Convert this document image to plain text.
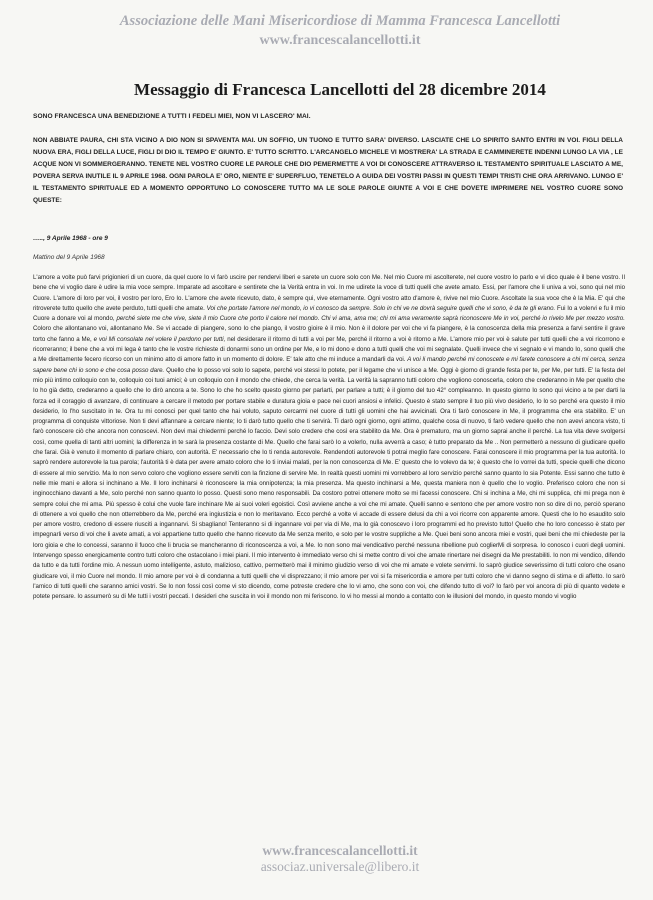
Associazione delle Mani Misericordiose di Mamma Francesca Lancellotti
www.francescalancellotti.it
Messaggio di Francesca Lancellotti del 28 dicembre 2014
SONO FRANCESCA UNA BENEDIZIONE A TUTTI I FEDELI MIEI, NON VI LASCERO' MAI.
NON ABBIATE PAURA, CHI STA VICINO A DIO NON SI SPAVENTA MAI. UN SOFFIO, UN TUONO E TUTTO SARA' DIVERSO. LASCIATE CHE LO SPIRITO SANTO ENTRI IN VOI. FIGLI DELLA NUOVA ERA, FIGLI DELLA LUCE, FIGLI DI DIO IL TEMPO E' GIUNTO. E' TUTTO SCRITTO. L'ARCANGELO MICHELE VI MOSTRERA' LA STRADA E CAMMINERETE INDENNI LUNGO LA VIA , LE ACQUE NON VI SOMMERGERANNO. TENETE NEL VOSTRO CUORE LE PAROLE CHE DIO PEMERMETTE A VOI DI CONOSCERE ATTRAVERSO IL TESTAMENTO SPIRITUALE LASCIATO A ME, POVERA SERVA INUTILE IL 9 APRILE 1968. OGNI PAROLA E' ORO, NIENTE E' SUPERFLUO, TENETELO A GUIDA DEI VOSTRI PASSI IN QUESTI TEMPI TRISTI CHE ORA ARRIVANO. LUNGO E' IL TESTAMENTO SPIRITUALE ED A MOMENTO OPPORTUNO LO CONOSCERE TUTTO MA LE SOLE PAROLE GIUNTE A VOI E CHE DOVETE IMPRIMERE NEL VOSTRO CUORE SONO QUESTE:
….., 9 Aprile 1968 - ore 9
Mattino del 9 Aprile 1968
L'amore a volte può farvi prigionieri di un cuore, da quel cuore Io vi farò uscire per rendervi liberi e sarete un cuore solo con Me. Nel mio Cuore mi ascolterete, nel cuore vostro Io parlo e vi dico quale è il bene vostro. Il bene che vi voglio dare è udire la mia voce sempre. Imparate ad ascoltare e sentirete che la Verità entra in voi. In me udirete la voce di tutti quelli che avete amato. Essi, per l'amore che li univa a voi, sono qui nel mio Cuore. L'amore di loro per voi, il vostro per loro, Ero Io. L'amore che avete ricevuto, dato, è sempre qui, vive eternamente. Ogni vostro atto d'amore è, rivive nel mio Cuore. Ascoltate la sua voce che è la Mia. E' qui che ritroverete tutto quello che avete perduto, tutti quelli che amate. Voi che portate l'amore nel mondo, io vi conosco da sempre. Solo in chi ve ne dovrà seguire quelli che vi sono, è da te gli erano. Fui Io a volervi e fu il mio Cuore a donare voi al mondo, perché siete me che vive, siete il mio Cuore che porto il calore nel mondo. Chi vi ama, ama me; chi mi ama veramente saprà riconoscere Me in voi, perché io rivelo Me per mezzo vostro. Coloro che allontanano voi, allontanano Me. Se vi accade di piangere, sono Io che piango, il vostro gioire è il mio. Non è il dolore per voi che vi fa piangere, è la conoscenza della mia presenza a farvi sentire il grave torto che fanno a Me, e voi Mi consolate nel volere il perdono per tutti, nel desiderare il ritorno di tutti a voi per Me, perché il ritorno a voi è ritorno a Me. L'amore mio per voi è salute per tutti quelli che a voi ricorrono e ricorreranno; il bene che a voi mi lega è tanto che le vostre richieste di donarmi sono un ordine per Me, e lo mi dono e dono a tutti quelli che voi mi segnalate. Quelli invece che vi segnalo e vi mando Io, sono quelli che a Me direttamente fecero ricorso con un minimo atto di amore fatto in un momento di dolore. E' tale atto che mi induce a mandarli da voi. A voi li mando perché mi conoscete e mi farete conoscere a chi mi cerca, senza sapere bene chi io sono e che cosa posso dare. Quello che Io posso voi solo lo sapete, perché voi stessi lo potete, per il legame che vi unisce a Me. Oggi è giorno di grande festa per te, per Me, per tutti. E' la festa del mio più intimo colloquio con te, colloquio coi tuoi amici; è un colloquio con il mondo che chiede, che cerca la verità. La verità la sapranno tutti coloro che vogliono conoscerla, coloro che crederanno in Me per quello che Io ho già detto, crederanno a quello che Io dirò ancora a te. Sono Io che ho scelto questo giorno per parlarti, per parlare a tutti; è il giorno del tuo 42° compleanno. In questo giorno Io sono qui vicino a te per darti la forza ed il coraggio di avanzare, di continuare a cercare il metodo per portare stabile e duratura gioia e pace nei cuori ansiosi e infelici. Questo è stato sempre il tuo più vivo desiderio, Io lo so perché era questo il mio desiderio, Io l'ho suscitato in te. Ora tu mi conosci per quel tanto che hai voluto, saputo cercarmi nel cuore di tutti gli uomini che hai avvicinati. Ora ti farò conoscere in Me, il programma che era stabilito. E' un programma di conquiste vittoriose. Non ti devi affannare a cercare niente; Io ti darò tutto quello che ti servirà. Ti darò ogni giorno, ogni attimo, qualche cosa di nuovo, ti farò vedere quello che non avevi ancora visto, ti farò conoscere ciò che ancora non conoscevi. Non devi mai chiedermi perché lo faccio. Devi solo credere che così era stabilito da Me. Ora è prematuro, ma un giorno saprai anche il perché. La tua vita deve svolgersi così, come quella di tanti altri uomini; la differenza in te sarà la presenza costante di Me. Quello che farai sarò Io a volerlo, nulla avverrà a caso; è tutto preparato da Me .. Non permetterò a nessuno di giudicare quello che farai. Già è venuto il momento di parlare chiaro, con autorità. E' necessario che Io ti renda autorevole. Rendendoti autorevole ti potrai meglio fare conoscere. Farai conoscere il mio programma per la tua autorità. Io saprò rendere autorevole la tua parola; l'autorità ti è data per avere amato coloro che Io ti inviai malati, per la non conoscenza di Me. E' questo che Io volevo da te; è questo che Io vorrei da tutti, specie quelli che dicono di essere al mio servizio. Ma lo non servo coloro che vogliono essere serviti con la finzione di servire Me. In realtà questi uomini mi vorrebbero al loro servizio perché sanno quanto Io sia Potente. Essi sanno che tutto è nelle mie mani e allora si inchinano a Me. Il loro inchinarsi è riconoscere la mia onnipotenza; la mia presenza. Ma questo inchinarsi a Me, questa maniera non è quello che Io voglio. Preferisco coloro che non si inginocchiano davanti a Me, solo perché non sanno quanto lo posso. Questi sono meno responsabili. Da costoro potrei ottenere molto se mi facessi conoscere. Chi si inchina a Me, chi mi supplica, chi mi prega non è sempre colui che mi ama. Più spesso è colui che vuole fare inchinare Me ai suoi voleri egoistici. Così avviene anche a voi che mi amate. Quelli sanno e sentono che per amore vostro non so dire di no, perciò sperano di ottenere a voi quello che non otterrebbero da Me, perché era ingiustizia e non lo meritavano. Ecco perché a volte vi accade di essere delusi da chi a voi ricorre con apparente amore. Questi che lo ho esaudito solo per amore vostro, credono di essere riusciti a ingannarvi. Si sbagliano! Tenteranno si di ingannare voi per via di Me, ma lo già conoscevo i loro programmi ed ho previsto tutto! Quello che ho loro concesso è stato per impegnarli verso di voi che li avete amati, a voi appartiene tutto quello che hanno ricevuto da Me senza merito, e solo per le vostre suppliche a Me. Quei beni sono ancora miei e vostri, quei beni che mi chiedeste per la loro gioia e che lo concessi, saranno il fuoco che li brucia se mancheranno di riconoscenza a voi, a Me. Io non sono mai vendicativo perché nessuna ribellione può coglierMi di sorpresa. Io conosco i cuori degli uomini. Intervengo spesso energicamente contro tutti coloro che ostacolano i miei piani. Il mio intervento è immediato verso chi si mette contro di voi che amate rinertare nei disegni da Me prestabiliti. Io non mi vendico, difendo da tutto e da tutti l'ordine mio. A nessun uomo intelligente, astuto, malizioso, cattivo, permetterò mai il minimo giudizio verso di voi che mi amate e volete servirmi. Io saprò giudice severissimo di tutti coloro che osano giudicare voi, il mio Cuore nel mondo. Il mio amore per voi è di condanna a tutti quelli che vi disprezzano; il mio amore per voi si fa misericordia e amore per tutti coloro che vi danno segno di stima e di affetto. Io sarò l'amico di tutti quelli che saranno amici vostri. Se lo non fossi così come vi sto dicendo, come potreste credere che Io vi amo, che sono con voi, che difendo tutto di voi? Io farò per voi ancora di più di quanto vedete e potete pensare. Io assumerò su di Me tutti i vostri peccati. I desideri che suscita in voi il mondo non mi feriscono. Io vi ho messi al mondo a contatto con le illusioni del mondo, in questo mondo vi voglio
www.francescalancellotti.it
associaz.universale@libero.it
